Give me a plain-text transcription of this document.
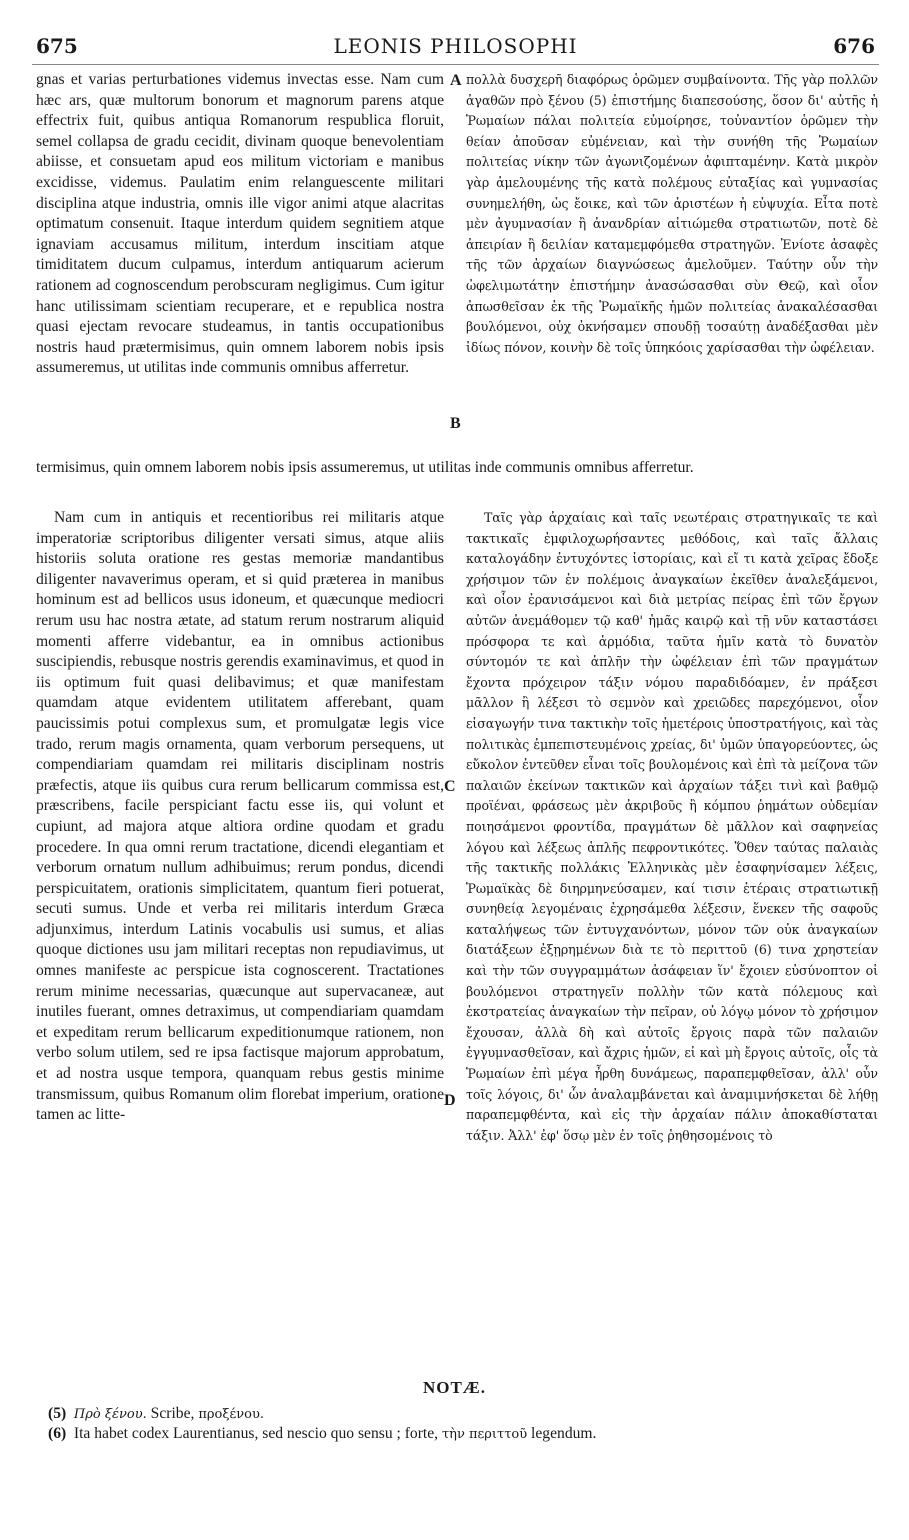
675	LEONIS PHILOSOPHI	676

gnas et varias perturbationes videmus invectas esse. Nam cum hæc ars, quæ multorum bonorum et magnorum parens atque effectrix fuit, quibus antiqua Romanorum respublica floruit, semel collapsa de gradu cecidit, divinam quoque benevolentiam abiisse, et consuetam apud eos militum victoriam e manibus excidisse, videmus. Paulatim enim relanguescente militari disciplina atque industria, omnis ille vigor animi atque alacritas optimatum consenuit. Itaque interdum quidem segnitiem atque ignaviam accusamus militum, interdum inscitiam atque timiditatem ducum culpamus, interdum antiquarum acierum rationem ad cognoscendum perobscuram negligimus. Cum igitur hanc utilissimam scientiam recuperare, et e republica nostra quasi ejectam revocare studeamus, in tantis occupationibus nostris haud prætermisimus, quin omnem laborem nobis ipsis assumeremus, ut utilitas inde communis omnibus afferretur.

A πολλὰ δυσχερῆ διαφόρως ὁρῶμεν συμβαίνοντα. Τῆς γὰρ πολλῶν ἀγαθῶν πρὸ ξένου (5) ἐπιστήμης διαπεσούσης, ὅσον δι' αὐτῆς ἡ Ῥωμαίων πάλαι πολιτεία εὐμοίρησε, τοὐναντίον ὁρῶμεν τὴν θείαν ἀποῦσαν εὐμένειαν, καὶ τὴν συνήθη τῆς Ῥωμαίων πολιτείας νίκην τῶν ἀγωνιζομένων ἀφιπταμένην. Κατὰ μικρὸν γὰρ ἀμελουμένης τῆς κατὰ πολέμους εὐταξίας καὶ γυμνασίας συνημελήθη, ὡς ἔοικε, καὶ τῶν ἀριστέων ἡ εὐψυχία. Εἶτα ποτὲ μὲν ἀγυμνασίαν ἢ ἀνανδρίαν αἰτιώμεθα στρατιωτῶν, ποτὲ δὲ ἀπειρίαν ἢ δειλίαν καταμεμφόμεθα στρατηγῶν. Ἐνίοτε ἀσαφὲς τῆς τῶν ἀρχαίων διαγνώσεως ἀμελοῦμεν. Ταύτην οὖν τὴν ὠφελιμωτάτην ἐπιστήμην ἀνασώσασθαι σὺν Θεῷ, καὶ οἷον ἀπωσθεῖσαν ἐκ τῆς Ῥωμαϊκῆς ἡμῶν πολιτείας ἀνακαλέσασθαι βουλόμενοι, οὐχ ὀκνήσαμεν σπουδῇ τοσαύτῃ ἀναδέξασθαι μὲν ἰδίως πόνον, κοινὴν δὲ τοῖς ὑπηκόοις χαρίσασθαι τὴν ὠφέλειαν.

B

termisimus, quin omnem laborem nobis ipsis assumeremus, ut utilitas inde communis omnibus afferretur.

Nam cum in antiquis et recentioribus rei militaris atque imperatoriæ scriptoribus diligenter versati simus, atque aliis historiis soluta oratione res gestas memoriæ mandantibus diligenter navaverimus operam, et si quid præterea in manibus hominum est ad bellicos usus idoneum, et quæcunque mediocri rerum usu hac nostra ætate, ad statum rerum nostrarum aliquid momenti afferre videbantur, ea in omnibus actionibus suscipiendis, rebusque nostris gerendis examinavimus, et quod in iis optimum fuit quasi delibavimus; et quæ manifestam quamdam atque evidentem utilitatem afferebant, quam paucissimis potui complexus sum, et promulgatæ legis vice trado, rerum magis ornamenta, quam verborum persequens, ut compendiariam quamdam rei militaris disciplinam nostris præfectis, atque iis quibus cura rerum bellicarum commissa est, præscribens, facile perspiciant factu esse iis, qui volunt et cupiunt, ad majora atque altiora ordine quodam et gradu procedere. In qua omni rerum tractatione, dicendi elegantiam et verborum ornatum nullum adhibuimus; rerum pondus, dicendi perspicuitatem, orationis simplicitatem, quantum fieri potuerat, secuti sumus. Unde et verba rei militaris interdum Græca adjunximus, interdum Latinis vocabulis usi sumus, et alias quoque dictiones usu jam militari receptas non repudiavimus, ut omnes manifeste ac perspicue ista cognoscerent. Tractationes rerum minime necessarias, quæcunque aut supervacaneæ, aut inutiles fuerant, omnes detraximus, ut compendiariam quamdam et expeditam rerum bellicarum expeditionumque rationem, non verbo solum utilem, sed re ipsa factisque majorum approbatum, et ad nostra usque tempora, quanquam rebus gestis minime transmissum, quibus Romanum olim florebat imperium, oratione tamen ac litte-

C

Ταῖς γὰρ ἀρχαίαις καὶ ταῖς νεωτέραις στρατηγικαῖς τε καὶ τακτικαῖς ἐμφιλοχωρήσαντες μεθόδοις, καὶ ταῖς ἄλλαις καταλογάδην ἐντυχόντες ἱστορίαις, καὶ εἴ τι κατὰ χεῖρας ἔδοξε χρήσιμον τῶν ἐν πολέμοις ἀναγκαίων ἐκεῖθεν ἀναλεξάμενοι, καὶ οἷον ἐρανισάμενοι καὶ διὰ μετρίας πείρας ἐπὶ τῶν ἔργων αὐτῶν ἀνεμάθομεν τῷ καθ' ἡμᾶς καιρῷ καὶ τῇ νῦν καταστάσει πρόσφορα τε καὶ ἁρμόδια, ταῦτα ἡμῖν κατὰ τὸ δυνατὸν σύντομόν τε καὶ ἁπλῆν τὴν ὠφέλειαν ἐπὶ τῶν πραγμάτων ἔχοντα πρόχειρον τάξιν νόμου παραδιδόαμεν, ἐν πράξεσι μᾶλλον ἢ λέξεσι τὸ σεμνὸν καὶ χρειῶδες παρεχόμενοι, οἷον εἰσαγωγήν τινα τακτικὴν τοῖς ἡμετέροις ὑποστρατήγοις, καὶ τὰς πολιτικὰς ἐμπεπιστευμένοις χρείας, δι' ὑμῶν ὑπαγορεύοντες, ὡς εὔκολον ἐντεῦθεν εἶναι τοῖς βουλομένοις καὶ ἐπὶ τὰ μείζονα τῶν παλαιῶν ἐκείνων τακτικῶν καὶ ἀρχαίων τάξει τινὶ καὶ βαθμῷ προϊέναι, φράσεως μὲν ἀκριβοῦς ἢ κόμπου ῥημάτων οὐδεμίαν ποιησάμενοι φροντίδα, πραγμάτων δὲ μᾶλλον καὶ σαφηνείας λόγου καὶ λέξεως ἁπλῆς πεφροντικότες. Ὅθεν ταύτας παλαιὰς τῆς τακτικῆς πολλάκις Ἑλληνικὰς μὲν ἐσαφηνίσαμεν λέξεις, Ῥωμαϊκὰς δὲ διηρμηνεύσαμεν, καί τισιν ἑτέραις στρατιωτικῇ συνηθείᾳ λεγομέναις ἐχρησάμεθα λέξεσιν, ἕνεκεν τῆς σαφοῦς καταλήψεως τῶν ἐντυγχανόντων, μόνον τῶν οὐκ ἀναγκαίων διατάξεων ἐξῃρημένων διὰ τε τὸ περιττοῦ (6) τινα χρηστείαν καὶ τὴν τῶν συγγραμμάτων ἀσάφειαν ἵν' ἔχοιεν εὐσύνοπτον οἱ βουλόμενοι στρατηγεῖν πολλὴν τῶν κατὰ πόλεμους καὶ ἐκστρατείας ἀναγκαίων τὴν πεῖραν, οὐ λόγῳ μόνον τὸ χρήσιμον ἔχουσαν, ἀλλὰ δὴ καὶ αὐτοῖς ἔργοις παρὰ τῶν παλαιῶν ἐγγυμνασθεῖσαν, καὶ ἄχρις ἡμῶν, εἰ καὶ μὴ ἔργοις αὐτοῖς, οἷς τὰ Ῥωμαίων ἐπὶ μέγα ἦρθη δυνάμεως, παραπεμφθεῖσαν, ἀλλ' οὖν τοῖς λόγοις, δι' ὧν ἀναλαμβάνεται καὶ ἀναμιμνήσκεται δὲ λήθῃ παραπεμφθέντα, καὶ εἰς τὴν ἀρχαίαν πάλιν ἀποκαθίσταται τάξιν. Ἀλλ' ἐφ' ὅσῳ μὲν ἐν τοῖς ῥηθησομένοις τὸ

D
NOTÆ.
(5) Πρὸ ξένου. Scribe, προξένου.
(6) Ita habet codex Laurentianus, sed nescio quo sensu ; forte, τὴν περιττοῦ legendum.
